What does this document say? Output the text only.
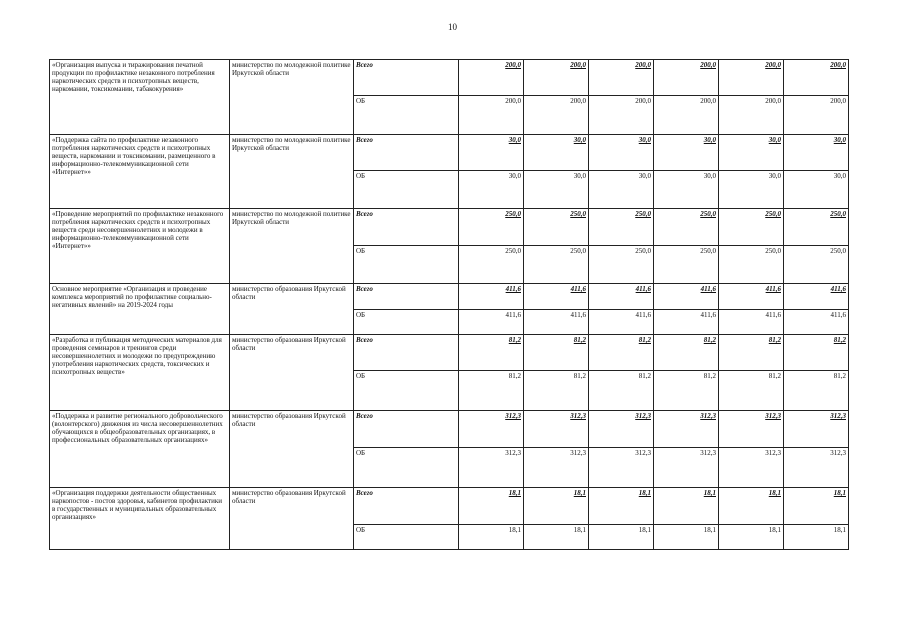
10
«Организация выпуска и тиражирования печатной продукции по профилактике незаконного потребления наркотических средств и психотропных веществ, наркомании, токсикомании, табакокурения»	министерство по молодежной политике Иркутской области	Всего	200,0	200,0	200,0	200,0	200,0	200,0
		ОБ	200,0	200,0	200,0	200,0	200,0	200,0
«Поддержка сайта по профилактике незаконного потребления наркотических средств и психотропных веществ, наркомании и токсикомании, размещенного в информационно-телекоммуникационной сети «Интернет»»	министерство по молодежной политике Иркутской области	Всего	30,0	30,0	30,0	30,0	30,0	30,0
		ОБ	30,0	30,0	30,0	30,0	30,0	30,0
«Проведение мероприятий по профилактике незаконного потребления наркотических средств и психотропных веществ среди несовершеннолетних и молодежи в информационно-телекоммуникационной сети «Интернет»»	министерство по молодежной политике Иркутской области	Всего	250,0	250,0	250,0	250,0	250,0	250,0
		ОБ	250,0	250,0	250,0	250,0	250,0	250,0
Основное мероприятие «Организация и проведение комплекса мероприятий по профилактике социально-негативных явлений» на 2019-2024 годы	министерство образования Иркутской области	Всего	411,6	411,6	411,6	411,6	411,6	411,6
		ОБ	411,6	411,6	411,6	411,6	411,6	411,6
«Разработка и публикация методических материалов для проведения семинаров и тренингов среди несовершеннолетних и молодежи по предупреждению употребления наркотических средств, токсических и психотропных веществ»	министерство образования Иркутской области	Всего	81,2	81,2	81,2	81,2	81,2	81,2
		ОБ	81,2	81,2	81,2	81,2	81,2	81,2
«Поддержка и развитие регионального добровольческого (волонтерского) движения из числа несовершеннолетних обучающихся в общеобразовательных организациях, в профессиональных образовательных организациях»	министерство образования Иркутской области	Всего	312,3	312,3	312,3	312,3	312,3	312,3
		ОБ	312,3	312,3	312,3	312,3	312,3	312,3
«Организация поддержки деятельности общественных наркопостов - постов здоровья, кабинетов профилактики в государственных и муниципальных образовательных организациях»	министерство образования Иркутской области	Всего	18,1	18,1	18,1	18,1	18,1	18,1
		ОБ	18,1	18,1	18,1	18,1	18,1	18,1
